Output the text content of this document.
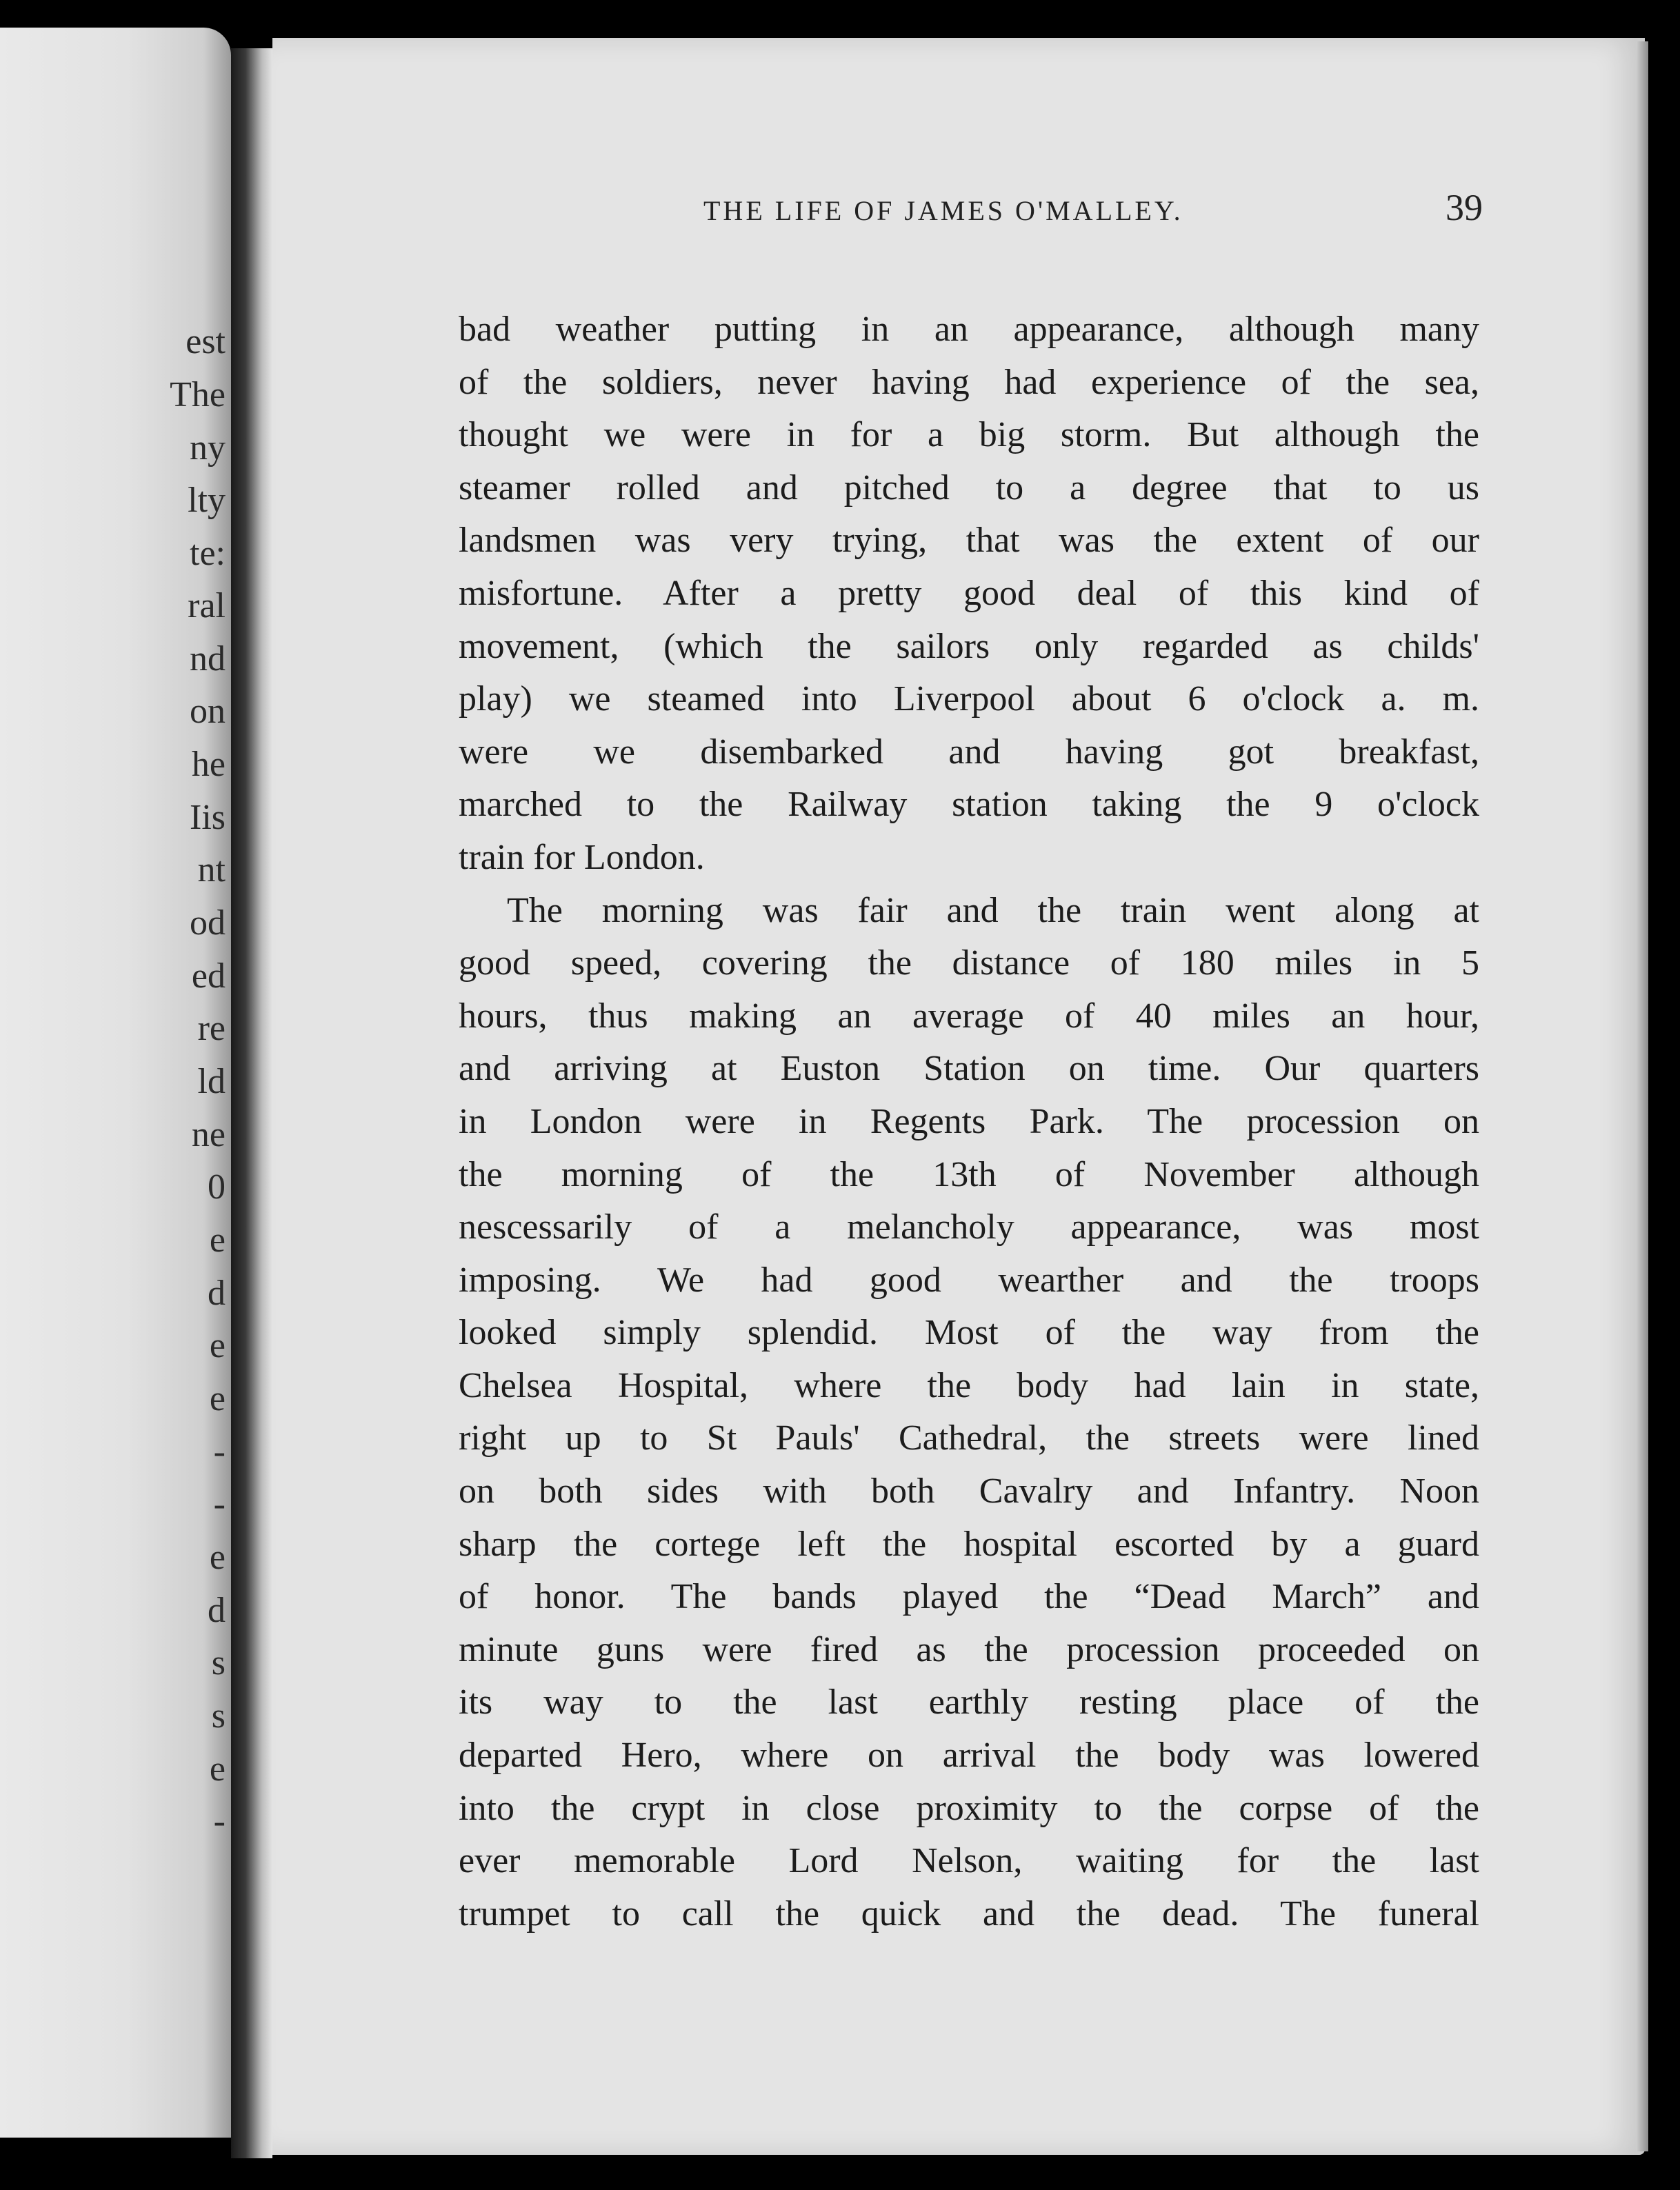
est

The

ny

lty

te:

ral

nd

on

he

Iis

nt

od

ed

re

ld

ne

0

e

d

e

e

-

-

e

d

s

s

e

-

THE LIFE OF JAMES O'MALLEY.	39

bad weather putting in an appearance, although many

of the soldiers, never having had experience of the sea,

thought we were in for a big storm. But although the

steamer rolled and pitched to a degree that to us

landsmen was very trying, that was the extent of our

misfortune. After a pretty good deal of this kind of

movement, (which the sailors only regarded as childs'

play) we steamed into Liverpool about 6 o'clock a. m.

were we disembarked and having got breakfast,

marched to the Railway station taking the 9 o'clock

train for London.

The morning was fair and the train went along at

good speed, covering the distance of 180 miles in 5

hours, thus making an average of 40 miles an hour,

and arriving at Euston Station on time. Our quarters

in London were in Regents Park. The procession on

the morning of the 13th of November although

nescessarily of a melancholy appearance, was most

imposing. We had good wearther and the troops

looked simply splendid. Most of the way from the

Chelsea Hospital, where the body had lain in state,

right up to St Pauls' Cathedral, the streets were lined

on both sides with both Cavalry and Infantry. Noon

sharp the cortege left the hospital escorted by a guard

of honor. The bands played the “Dead March” and

minute guns were fired as the procession proceeded on

its way to the last earthly resting place of the

departed Hero, where on arrival the body was lowered

into the crypt in close proximity to the corpse of the

ever memorable Lord Nelson, waiting for the last

trumpet to call the quick and the dead. The funeral
